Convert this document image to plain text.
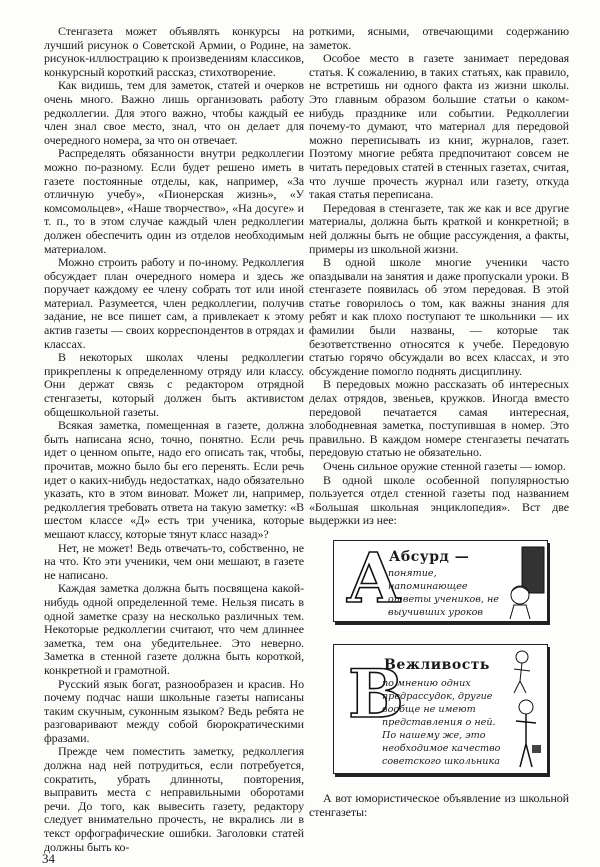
Стенгазета может объявлять конкурсы на лучший рисунок о Советской Армии, о Родине, на рисунок-иллюстрацию к произведениям классиков, конкурсный короткий рассказ, стихотворение.

Как видишь, тем для заметок, статей и очерков очень много. Важно лишь организовать работу редколлегии. Для этого важно, чтобы каждый ее член знал свое место, знал, что он делает для очередного номера, за что он отвечает.

Распределять обязанности внутри редколлегии можно по-разному. Если будет решено иметь в газете постоянные отделы, как, например, «За отличную учебу», «Пионерская жизнь», «У комсомольцев», «Наше творчество», «На досуге» и т. п., то в этом случае каждый член редколлегии должен обеспечить один из отделов необходимым материалом.

Можно строить работу и по-иному. Редколлегия обсуждает план очередного номера и здесь же поручает каждому ее члену собрать тот или иной материал. Разумеется, член редколлегии, получив задание, не все пишет сам, а привлекает к этому актив газеты — своих корреспондентов в отрядах и классах.

В некоторых школах члены редколлегии прикреплены к определенному отряду или классу. Они держат связь с редактором отрядной стенгазеты, который должен быть активистом общешкольной газеты.

Всякая заметка, помещенная в газете, должна быть написана ясно, точно, понятно. Если речь идет о ценном опыте, надо его описать так, чтобы, прочитав, можно было бы его перенять. Если речь идет о каких-нибудь недостатках, надо обязательно указать, кто в этом виноват. Может ли, например, редколлегия требовать ответа на такую заметку: «В шестом классе «Д» есть три ученика, которые мешают классу, которые тянут класс назад»?

Нет, не может! Ведь отвечать-то, собственно, не на что. Кто эти ученики, чем они мешают, в газете не написано.

Каждая заметка должна быть посвящена какой-нибудь одной определенной теме. Нельзя писать в одной заметке сразу на несколько различных тем. Некоторые редколлегии считают, что чем длиннее заметка, тем она убедительнее. Это неверно. Заметка в стенной газете должна быть короткой, конкретной и грамотной.

Русский язык богат, разнообразен и красив. Но почему подчас наши школьные газеты написаны таким скучным, суконным языком? Ведь ребята не разговаривают между собой бюрократическими фразами.

Прежде чем поместить заметку, редколлегия должна над ней потрудиться, если потребуется, сократить, убрать длинноты, повторения, выправить места с неправильными оборотами речи. До того, как вывесить газету, редактору следует внимательно прочесть, не вкрались ли в текст орфографические ошибки. Заголовки статей должны быть ко-

роткими, ясными, отвечающими содержанию заметок.

Особое место в газете занимает передовая статья. К сожалению, в таких статьях, как правило, не встретишь ни одного факта из жизни школы. Это главным образом большие статьи о каком-нибудь празднике или событии. Редколлегии почему-то думают, что материал для передовой можно переписывать из книг, журналов, газет. Поэтому многие ребята предпочитают совсем не читать передовых статей в стенных газетах, считая, что лучше прочесть журнал или газету, откуда такая статья переписана.

Передовая в стенгазете, так же как и все другие материалы, должна быть краткой и конкретной; в ней должны быть не общие рассуждения, а факты, примеры из школьной жизни.

В одной школе многие ученики часто опаздывали на занятия и даже пропускали уроки. В стенгазете появилась об этом передовая. В этой статье говорилось о том, как важны знания для ребят и как плохо поступают те школьники — их фамилии были названы, — которые так безответственно относятся к учебе. Передовую статью горячо обсуждали во всех классах, и это обсуждение помогло поднять дисциплину.

В передовых можно рассказать об интересных делах отрядов, звеньев, кружков. Иногда вместо передовой печатается самая интересная, злободневная заметка, поступившая в номер. Это правильно. В каждом номере стенгазеты печатать передовую статью не обязательно.

Очень сильное оружие стенной газеты — юмор.

В одной школе особенной популярностью пользуется отдел стенной газеты под названием «Большая школьная энциклопедия». Вст две выдержки из нее:

А
Абсурд —
понятие, напоминающее ответы учеников, не выучивших уроков
В
Вежливость
по мнению одних предрассудок, другие вообще не имеют представления о ней. По нашему же, это необходимое качество советского школьника

А вот юмористическое объявление из школьной стенгазеты:

34
